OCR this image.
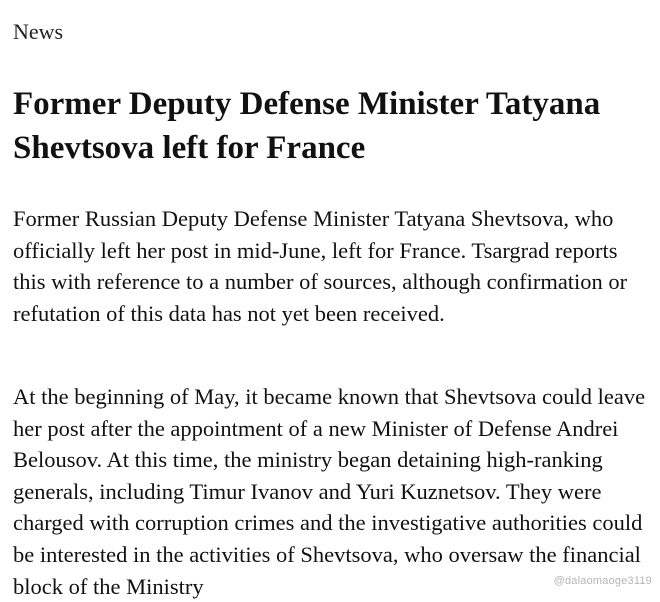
News
Former Deputy Defense Minister Tatyana Shevtsova left for France

Former Russian Deputy Defense Minister Tatyana Shevtsova, who officially left her post in mid-June, left for France. Tsargrad reports this with reference to a number of sources, although confirmation or refutation of this data has not yet been received.

At the beginning of May, it became known that Shevtsova could leave her post after the appointment of a new Minister of Defense Andrei Belousov. At this time, the ministry began detaining high-ranking generals, including Timur Ivanov and Yuri Kuznetsov. They were charged with corruption crimes and the investigative authorities could be interested in the activities of Shevtsova, who oversaw the financial block of the Ministry	@dalaomaoge3119
